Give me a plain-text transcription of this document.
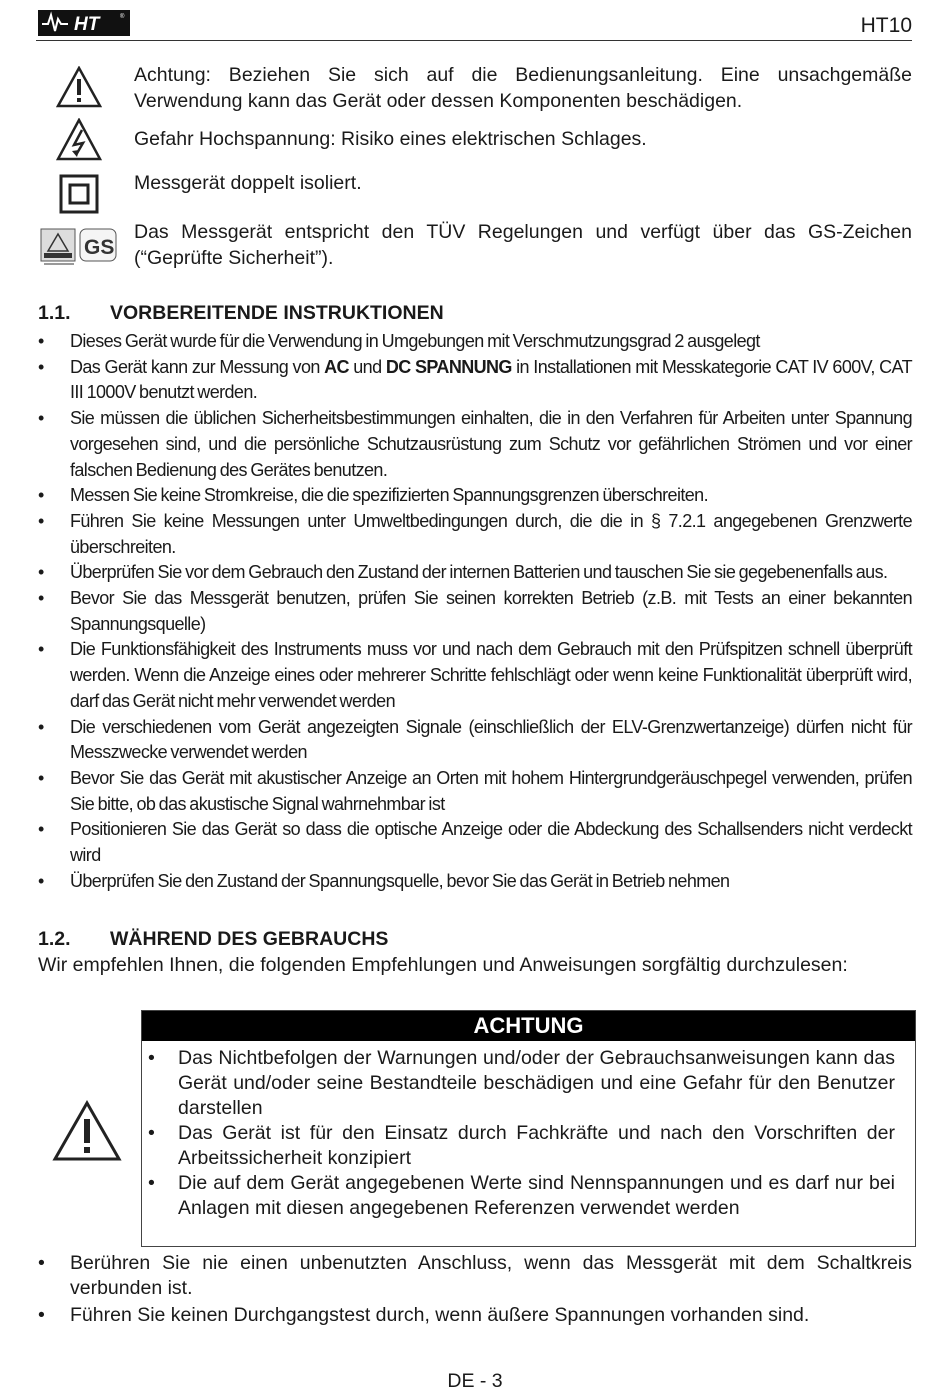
HT	®	HT10
Achtung: Beziehen Sie sich auf die Bedienungsanleitung. Eine unsachgemäße Verwendung kann das Gerät oder dessen Komponenten beschädigen.
Gefahr Hochspannung: Risiko eines elektrischen Schlages.
Messgerät doppelt isoliert.
GS
Das Messgerät entspricht den TÜV Regelungen und verfügt über das GS-Zeichen (“Geprüfte Sicherheit”).
1.1. VORBEREITENDE INSTRUKTIONEN
• Dieses Gerät wurde für die Verwendung in Umgebungen mit Verschmutzungsgrad 2 ausgelegt
• Das Gerät kann zur Messung von AC und DC SPANNUNG in Installationen mit Messkategorie CAT IV 600V, CAT III 1000V benutzt werden.
• Sie müssen die üblichen Sicherheitsbestimmungen einhalten, die in den Verfahren für Arbeiten unter Spannung vorgesehen sind, und die persönliche Schutzausrüstung zum Schutz vor gefährlichen Strömen und vor einer falschen Bedienung des Gerätes benutzen.
• Messen Sie keine Stromkreise, die die spezifizierten Spannungsgrenzen überschreiten.
• Führen Sie keine Messungen unter Umweltbedingungen durch, die die in § 7.2.1 angegebenen Grenzwerte überschreiten.
• Überprüfen Sie vor dem Gebrauch den Zustand der internen Batterien und tauschen Sie sie gegebenenfalls aus.
• Bevor Sie das Messgerät benutzen, prüfen Sie seinen korrekten Betrieb (z.B. mit Tests an einer bekannten Spannungsquelle)
• Die Funktionsfähigkeit des Instruments muss vor und nach dem Gebrauch mit den Prüfspitzen schnell überprüft werden. Wenn die Anzeige eines oder mehrerer Schritte fehlschlägt oder wenn keine Funktionalität überprüft wird, darf das Gerät nicht mehr verwendet werden
• Die verschiedenen vom Gerät angezeigten Signale (einschließlich der ELV-Grenzwertanzeige) dürfen nicht für Messzwecke verwendet werden
• Bevor Sie das Gerät mit akustischer Anzeige an Orten mit hohem Hintergrundgeräuschpegel verwenden, prüfen Sie bitte, ob das akustische Signal wahrnehmbar ist
• Positionieren Sie das Gerät so dass die optische Anzeige oder die Abdeckung des Schallsenders nicht verdeckt wird
• Überprüfen Sie den Zustand der Spannungsquelle, bevor Sie das Gerät in Betrieb nehmen
1.2. WÄHREND DES GEBRAUCHS
Wir empfehlen Ihnen, die folgenden Empfehlungen und Anweisungen sorgfältig durchzulesen:
ACHTUNG
• Das Nichtbefolgen der Warnungen und/oder der Gebrauchsanweisungen kann das Gerät und/oder seine Bestandteile beschädigen und eine Gefahr für den Benutzer darstellen
• Das Gerät ist für den Einsatz durch Fachkräfte und nach den Vorschriften der Arbeitssicherheit konzipiert
• Die auf dem Gerät angegebenen Werte sind Nennspannungen und es darf nur bei Anlagen mit diesen angegebenen Referenzen verwendet werden
• Berühren Sie nie einen unbenutzten Anschluss, wenn das Messgerät mit dem Schaltkreis verbunden ist.
• Führen Sie keinen Durchgangstest durch, wenn äußere Spannungen vorhanden sind.
DE - 3
